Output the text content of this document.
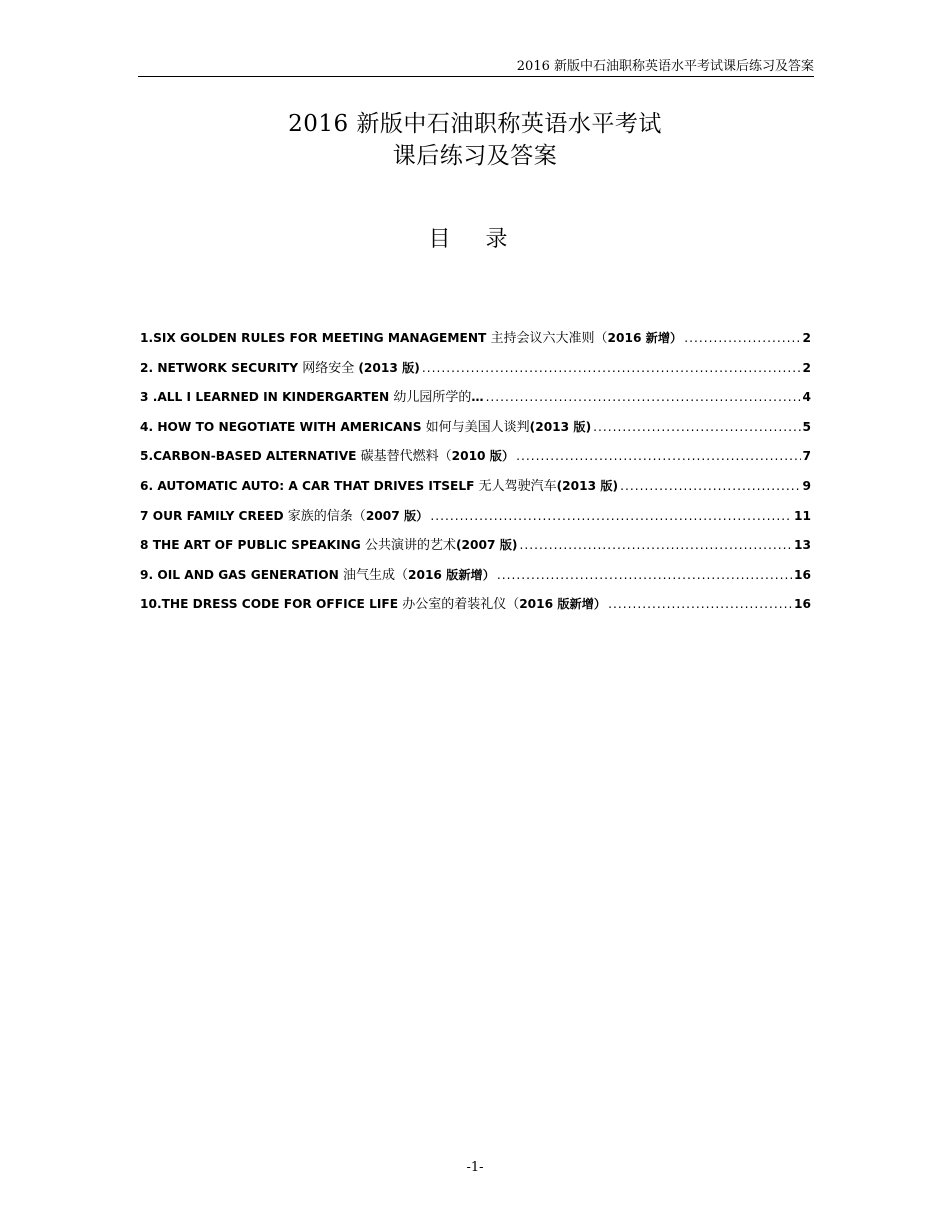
2016 新版中石油职称英语水平考试课后练习及答案
2016 新版中石油职称英语水平考试
课后练习及答案
目 录
1.SIX GOLDEN RULES FOR MEETING MANAGEMENT 主持会议六大准则（2016 新增） .....	2
2. NETWORK SECURITY 网络安全 (2013 版) .....	2
3 .ALL I LEARNED IN KINDERGARTEN 幼儿园所学的… .....	4
4. HOW TO NEGOTIATE WITH AMERICANS 如何与美国人谈判(2013 版) .....	5
5.CARBON-BASED ALTERNATIVE 碳基替代燃料（2010 版） .....	7
6. AUTOMATIC AUTO: A CAR THAT DRIVES ITSELF 无人驾驶汽车(2013 版) .....	9
7 OUR FAMILY CREED 家族的信条（2007 版） .....	11
8 THE ART OF PUBLIC SPEAKING 公共演讲的艺术(2007 版) .....	13
9. OIL AND GAS GENERATION 油气生成（2016 版新增） .....	16
10.THE DRESS CODE FOR OFFICE LIFE 办公室的着装礼仪（2016 版新增） .....	16
-1-
